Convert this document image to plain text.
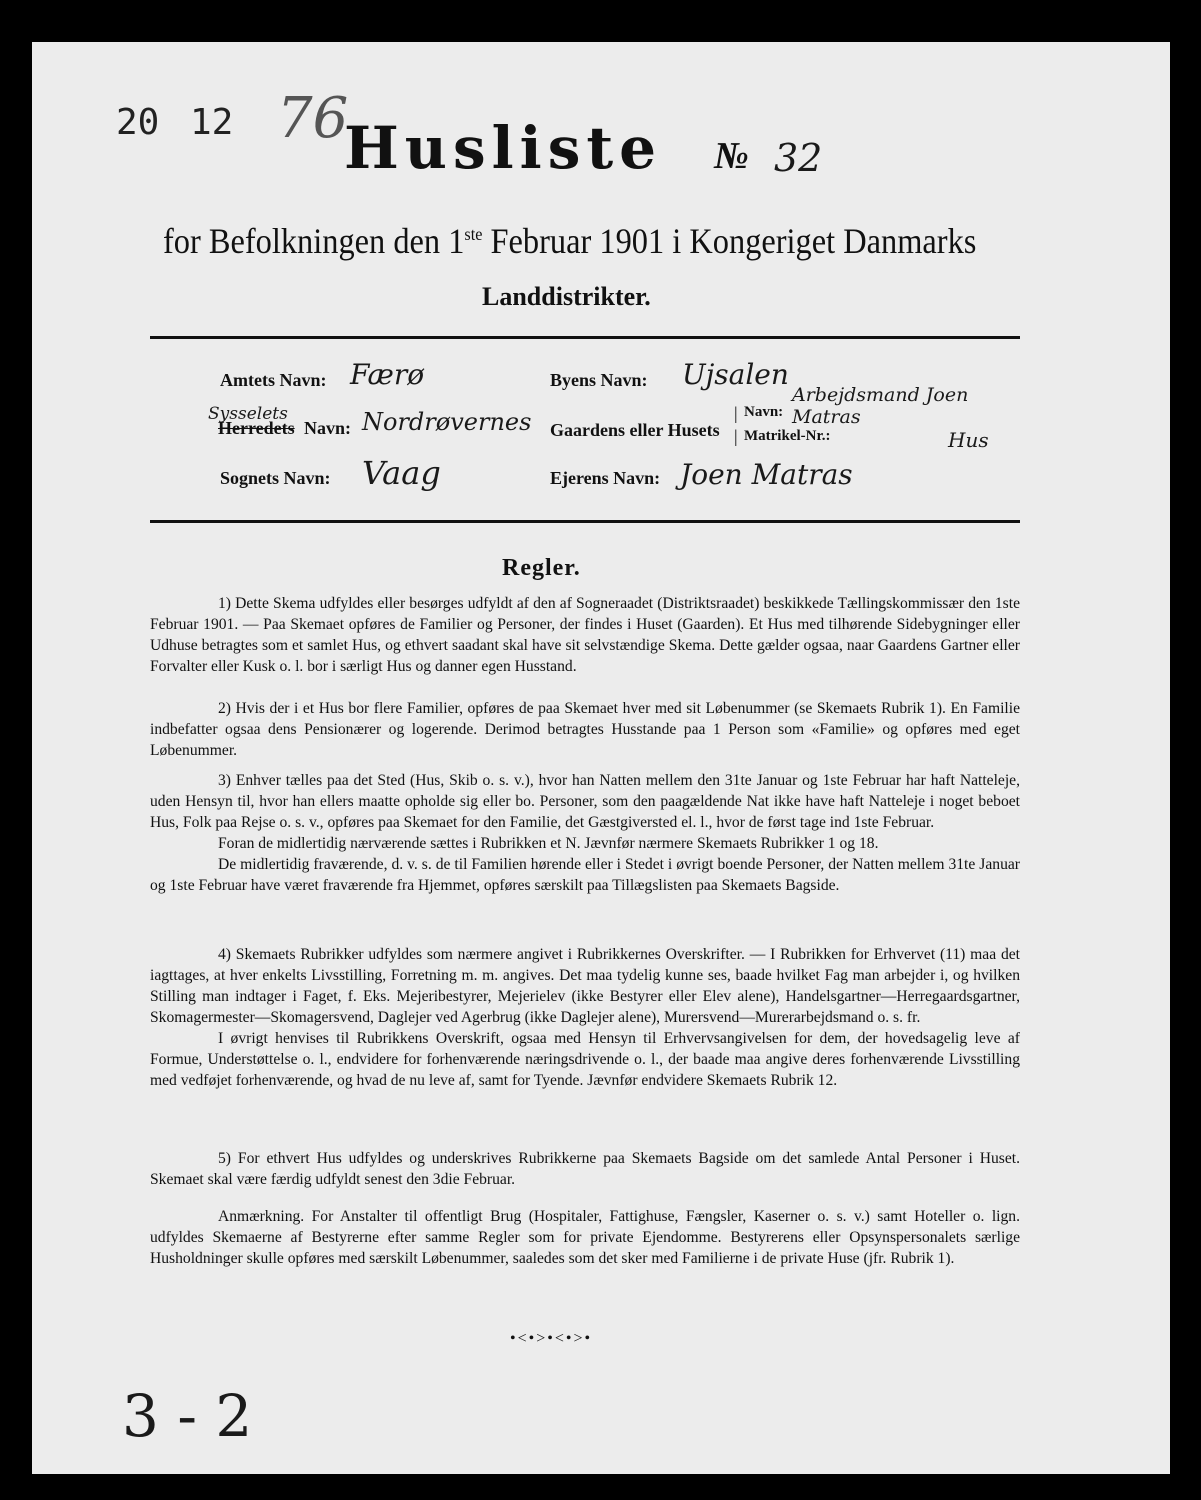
20 12 76
Husliste № 32
for Befolkningen den 1ste Februar 1901 i Kongeriget Danmarks
Landdistrikter.
Amtets Navn: Færø
Sysselets
Herredets Navn: Nordrøvernes
Sognets Navn: Vaag
Byens Navn: Ujsalen
Gaardens eller Husets
|
|
Navn:
Arbejdsmand Joen Matras
Matrikel-Nr.:	Hus
Ejerens Navn: Joen Matras
Regler.

1) Dette Skema udfyldes eller besørges udfyldt af den af Sogneraadet (Distriktsraadet) beskikkede Tællingskommissær den 1ste Februar 1901. — Paa Skemaet opføres de Familier og Personer, der findes i Huset (Gaarden). Et Hus med tilhørende Sidebygninger eller Udhuse betragtes som et samlet Hus, og ethvert saadant skal have sit selvstændige Skema. Dette gælder ogsaa, naar Gaardens Gartner eller Forvalter eller Kusk o. l. bor i særligt Hus og danner egen Husstand.

2) Hvis der i et Hus bor flere Familier, opføres de paa Skemaet hver med sit Løbenummer (se Skemaets Rubrik 1). En Familie indbefatter ogsaa dens Pensionærer og logerende. Derimod betragtes Husstande paa 1 Person som «Familie» og opføres med eget Løbenummer.

3) Enhver tælles paa det Sted (Hus, Skib o. s. v.), hvor han Natten mellem den 31te Januar og 1ste Februar har haft Natteleje, uden Hensyn til, hvor han ellers maatte opholde sig eller bo. Personer, som den paagældende Nat ikke have haft Natteleje i noget beboet Hus, Folk paa Rejse o. s. v., opføres paa Skemaet for den Familie, det Gæstgiversted el. l., hvor de først tage ind 1ste Februar.

Foran de midlertidig nærværende sættes i Rubrikken et N. Jævnfør nærmere Skemaets Rubrikker 1 og 18.

De midlertidig fraværende, d. v. s. de til Familien hørende eller i Stedet i øvrigt boende Personer, der Natten mellem 31te Januar og 1ste Februar have været fraværende fra Hjemmet, opføres særskilt paa Tillægslisten paa Skemaets Bagside.

4) Skemaets Rubrikker udfyldes som nærmere angivet i Rubrikkernes Overskrifter. — I Rubrikken for Erhvervet (11) maa det iagttages, at hver enkelts Livsstilling, Forretning m. m. angives. Det maa tydelig kunne ses, baade hvilket Fag man arbejder i, og hvilken Stilling man indtager i Faget, f. Eks. Mejeribestyrer, Mejerielev (ikke Bestyrer eller Elev alene), Handelsgartner—Herregaardsgartner, Skomagermester—Skomagersvend, Daglejer ved Agerbrug (ikke Daglejer alene), Murersvend—Murerarbejdsmand o. s. fr.

I øvrigt henvises til Rubrikkens Overskrift, ogsaa med Hensyn til Erhvervsangivelsen for dem, der hovedsagelig leve af Formue, Understøttelse o. l., endvidere for forhenværende næringsdrivende o. l., der baade maa angive deres forhenværende Livsstilling med vedføjet forhenværende, og hvad de nu leve af, samt for Tyende. Jævnfør endvidere Skemaets Rubrik 12.

5) For ethvert Hus udfyldes og underskrives Rubrikkerne paa Skemaets Bagside om det samlede Antal Personer i Huset. Skemaet skal være færdig udfyldt senest den 3die Februar.

Anmærkning. For Anstalter til offentligt Brug (Hospitaler, Fattighuse, Fængsler, Kaserner o. s. v.) samt Hoteller o. lign. udfyldes Skemaerne af Bestyrerne efter samme Regler som for private Ejendomme. Bestyrerens eller Opsynspersonalets særlige Husholdninger skulle opføres med særskilt Løbenummer, saaledes som det sker med Familierne i de private Huse (jfr. Rubrik 1).

•<•>•<•>•
3 - 2
